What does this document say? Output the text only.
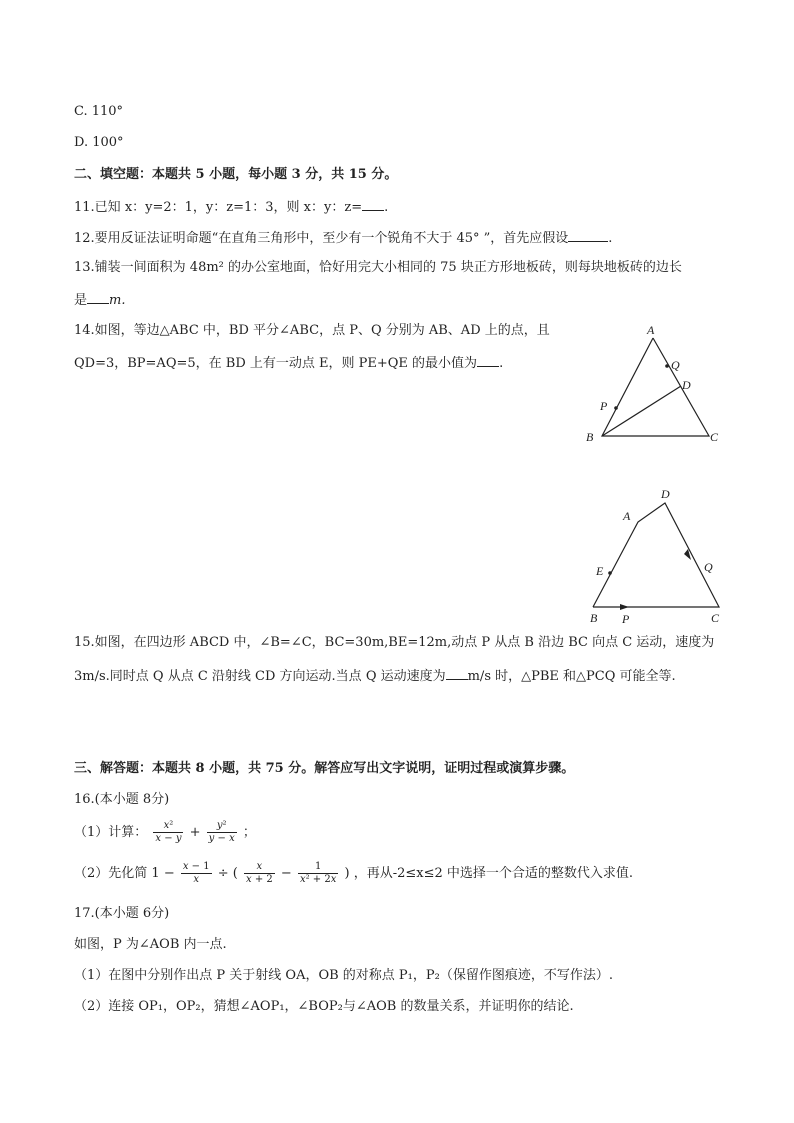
C. 110°
D. 100°
二、填空题：本题共 5 小题，每小题 3 分，共 15 分。
11.已知 x：y=2：1，y：z=1：3，则 x：y：z= .
12.要用反证法证明命题“在直角三角形中，至少有一个锐角不大于 45° ”，首先应假设	.
13.铺装一间面积为 48m² 的办公室地面，恰好用完大小相同的 75 块正方形地板砖，则每块地板砖的边长
是 m.
14.如图，等边△ABC 中，BD 平分∠ABC，点 P、Q 分别为 AB、AD 上的点，且
QD=3，BP=AQ=5，在 BD 上有一动点 E，则 PE+QE 的最小值为 .
A
Q
D
P
B	C
D
A
E	Q
B P	C
15.如图，在四边形 ABCD 中，∠B=∠C，BC=30m,BE=12m,动点 P 从点 B 沿边 BC 向点 C 运动，速度为
3m/s.同时点 Q 从点 C 沿射线 CD 方向运动.当点 Q 运动速度为 m/s 时，△PBE 和△PCQ 可能全等.
三、解答题：本题共 8 小题，共 75 分。解答应写出文字说明，证明过程或演算步骤。
16.(本小题 8分)
（1）计算： $\frac{\text{x²}}{x - y} + \frac{\text{y²}}{y - x}$ ；
（2）先化简 $1 - \frac{x - 1}{x}$ ÷ ( $\frac{x}{x + 2} - \frac{1}{\text{x² + 2x}}$ ) ，再从-2≤x≤2 中选择一个合适的整数代入求值.
17.(本小题 6分)
如图，P 为∠AOB 内一点.
（1）在图中分别作出点 P 关于射线 OA，OB 的对称点 P₁，P₂（保留作图痕迹，不写作法）.
（2）连接 OP₁，OP₂，猜想∠AOP₁，∠BOP₂与∠AOB 的数量关系，并证明你的结论.
